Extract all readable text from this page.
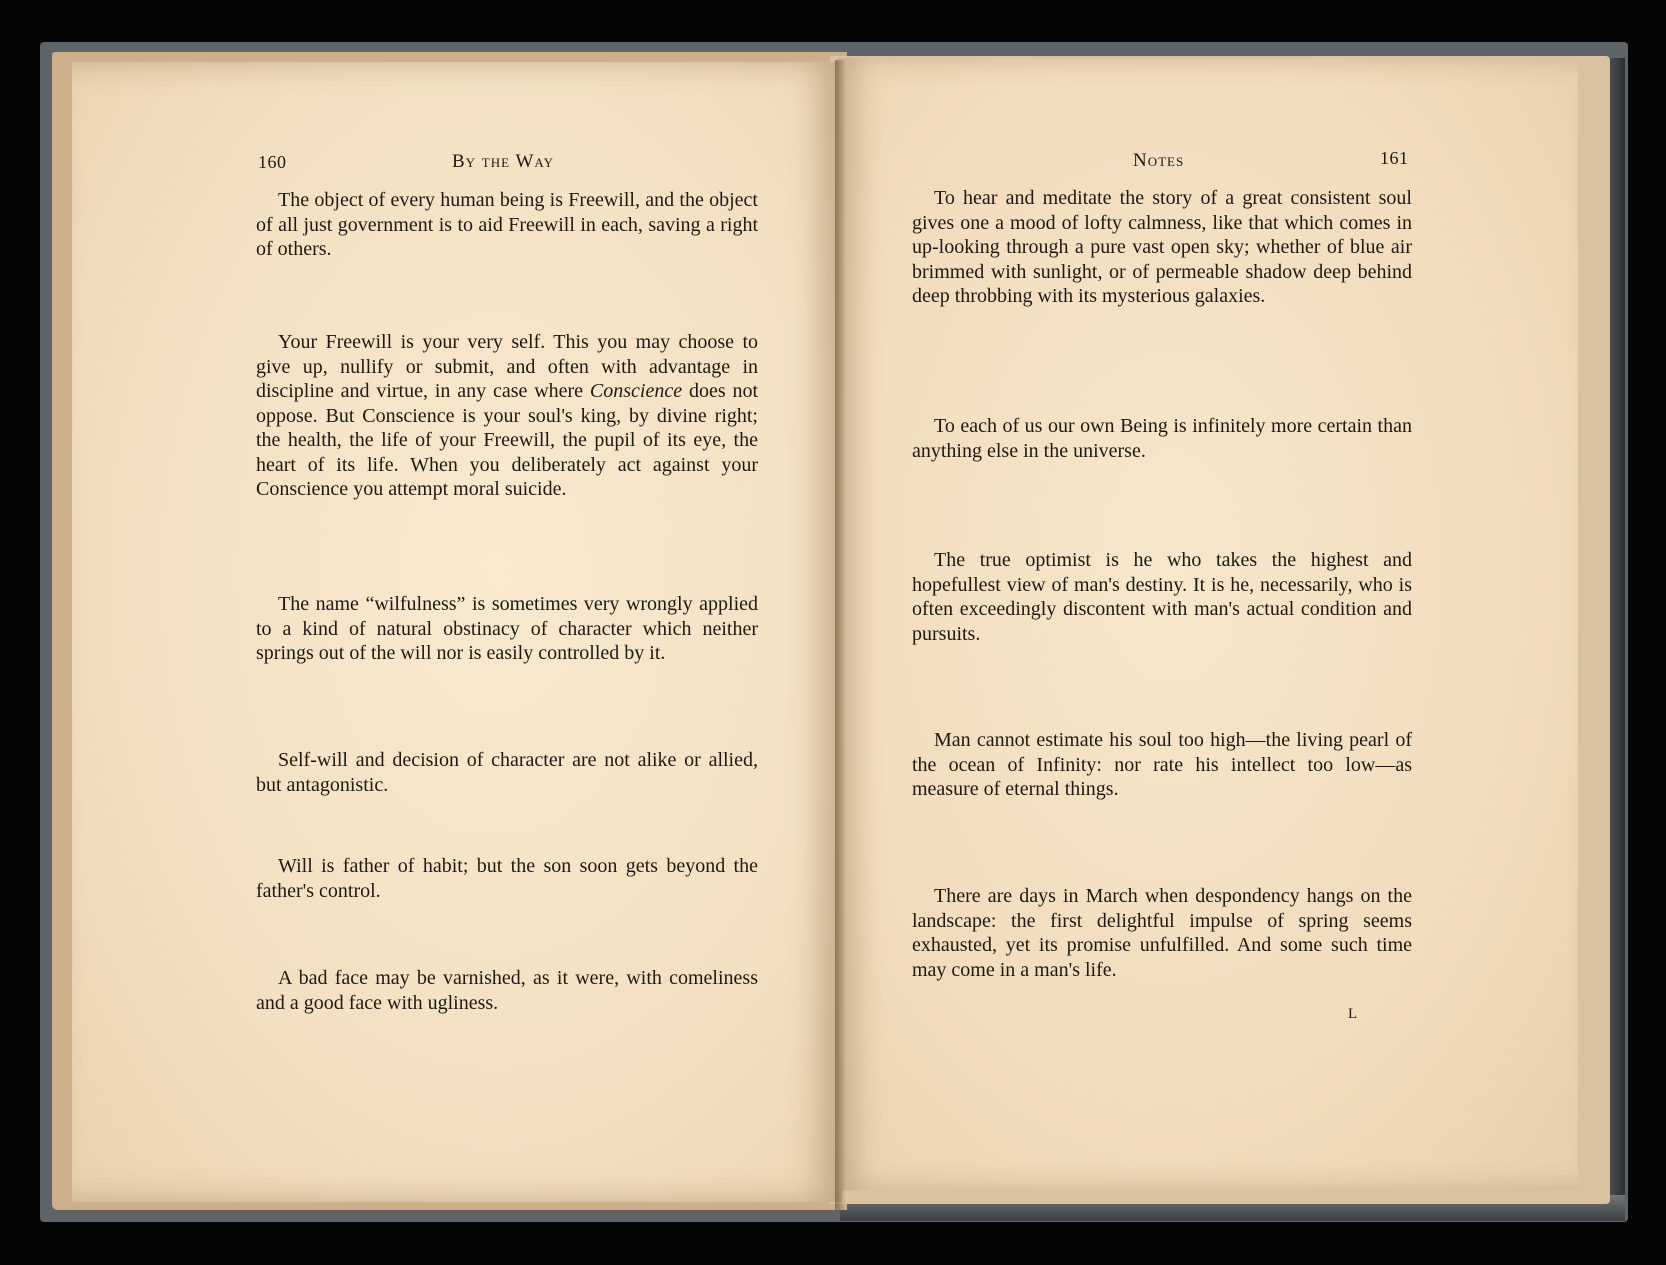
160	By the Way

The object of every human being is Freewill, and the object of all just government is to aid Freewill in each, saving a right of others.

Your Freewill is your very self. This you may choose to give up, nullify or submit, and often with advantage in discipline and virtue, in any case where Conscience does not oppose. But Conscience is your soul's king, by divine right; the health, the life of your Freewill, the pupil of its eye, the heart of its life. When you deliberately act against your Conscience you attempt moral suicide.

The name “wilfulness” is sometimes very wrongly applied to a kind of natural obstinacy of character which neither springs out of the will nor is easily controlled by it.

Self-will and decision of character are not alike or allied, but antagonistic.

Will is father of habit; but the son soon gets beyond the father's control.

A bad face may be varnished, as it were, with comeliness and a good face with ugliness.

Notes	161

To hear and meditate the story of a great consistent soul gives one a mood of lofty calmness, like that which comes in up-looking through a pure vast open sky; whether of blue air brimmed with sunlight, or of permeable shadow deep behind deep throbbing with its mysterious galaxies.

To each of us our own Being is infinitely more certain than anything else in the universe.

The true optimist is he who takes the highest and hopefullest view of man's destiny. It is he, necessarily, who is often exceedingly discontent with man's actual condition and pursuits.

Man cannot estimate his soul too high—the living pearl of the ocean of Infinity: nor rate his intellect too low—as measure of eternal things.

There are days in March when despondency hangs on the landscape: the first delightful impulse of spring seems exhausted, yet its promise unfulfilled. And some such time may come in a man's life.

L
